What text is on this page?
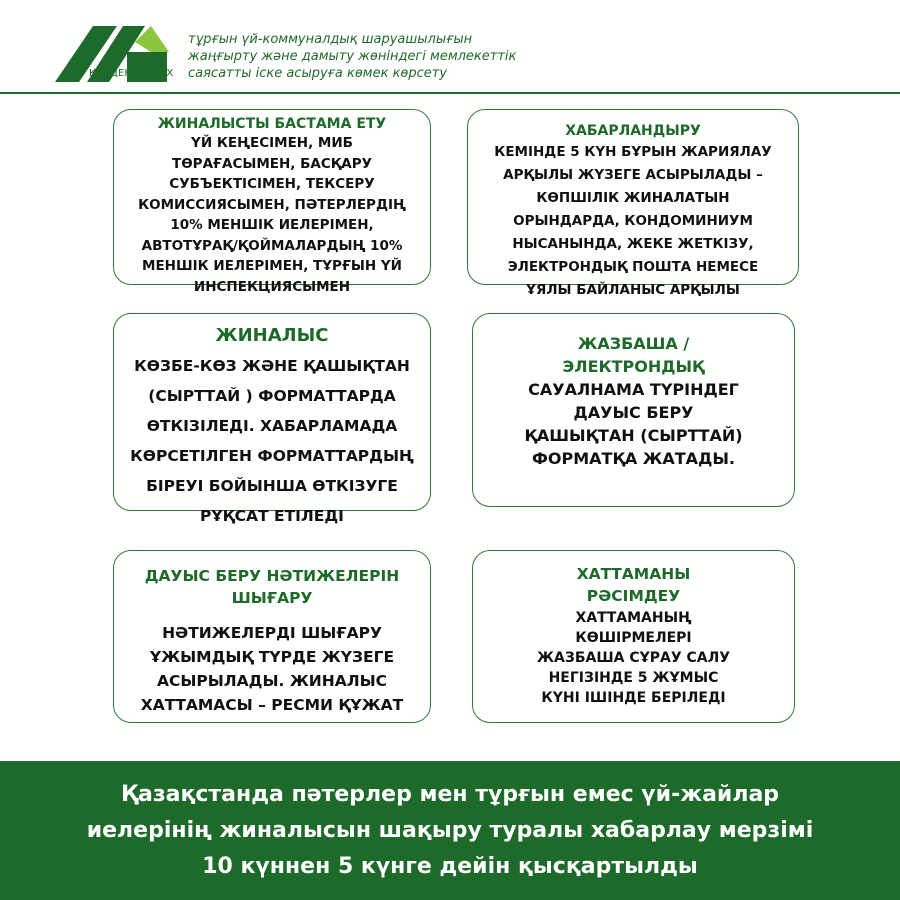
КАЗЦЕНТР ЖКХ
тұрғын үй-коммуналдық шаруашылығын
жаңғырту және дамыту жөніндегі мемлекеттік
саясатты іске асыруға көмек көрсету
ЖИНАЛЫСТЫ БАСТАМА ЕТУ
ҮЙ КЕҢЕСІМЕН, МИБ
ТӨРАҒАСЫМЕН, БАСҚАРУ
СУБЪЕКТІСІМЕН, ТЕКСЕРУ
КОМИССИЯСЫМЕН, ПӘТЕРЛЕРДІҢ
10% МЕНШІК ИЕЛЕРІМЕН,
АВТОТҰРАҚ/ҚОЙМАЛАРДЫҢ 10%
МЕНШІК ИЕЛЕРІМЕН, ТҰРҒЫН ҮЙ
ИНСПЕКЦИЯСЫМЕН
ХАБАРЛАНДЫРУ
КЕМІНДЕ 5 КҮН БҰРЫН ЖАРИЯЛАУ
АРҚЫЛЫ ЖҮЗЕГЕ АСЫРЫЛАДЫ –
КӨПШІЛІК ЖИНАЛАТЫН
ОРЫНДАРДА, КОНДОМИНИУМ
НЫСАНЫНДА, ЖЕКЕ ЖЕТКІЗУ,
ЭЛЕКТРОНДЫҚ ПОШТА НЕМЕСЕ
ҰЯЛЫ БАЙЛАНЫС АРҚЫЛЫ
ЖИНАЛЫС
КӨЗБЕ-КӨЗ ЖӘНЕ ҚАШЫҚТАН
(СЫРТТАЙ ) ФОРМАТТАРДА
ӨТКІЗІЛЕДІ. ХАБАРЛАМАДА
КӨРСЕТІЛГЕН ФОРМАТТАРДЫҢ
БІРЕУІ БОЙЫНША ӨТКІЗУГЕ
РҰҚСАТ ЕТІЛЕДІ
ЖАЗБАША /
ЭЛЕКТРОНДЫҚ
САУАЛНАМА ТҮРІНДЕГ
ДАУЫС БЕРУ
ҚАШЫҚТАН (СЫРТТАЙ)
ФОРМАТҚА ЖАТАДЫ.
ДАУЫС БЕРУ НӘТИЖЕЛЕРІН
ШЫҒАРУ
НӘТИЖЕЛЕРДІ ШЫҒАРУ
ҰЖЫМДЫҚ ТҮРДЕ ЖҮЗЕГЕ
АСЫРЫЛАДЫ. ЖИНАЛЫС
ХАТТАМАСЫ – РЕСМИ ҚҰЖАТ
ХАТТАМАНЫ
РӘСІМДЕУ
ХАТТАМАНЫҢ
КӨШІРМЕЛЕРІ
ЖАЗБАША СҰРАУ САЛУ
НЕГІЗІНДЕ 5 ЖҰМЫС
КҮНІ ІШІНДЕ БЕРІЛЕДІ
Қазақстанда пәтерлер мен тұрғын емес үй-жайлар
иелерінің жиналысын шақыру туралы хабарлау мерзімі
10 күннен 5 күнге дейін қысқартылды
